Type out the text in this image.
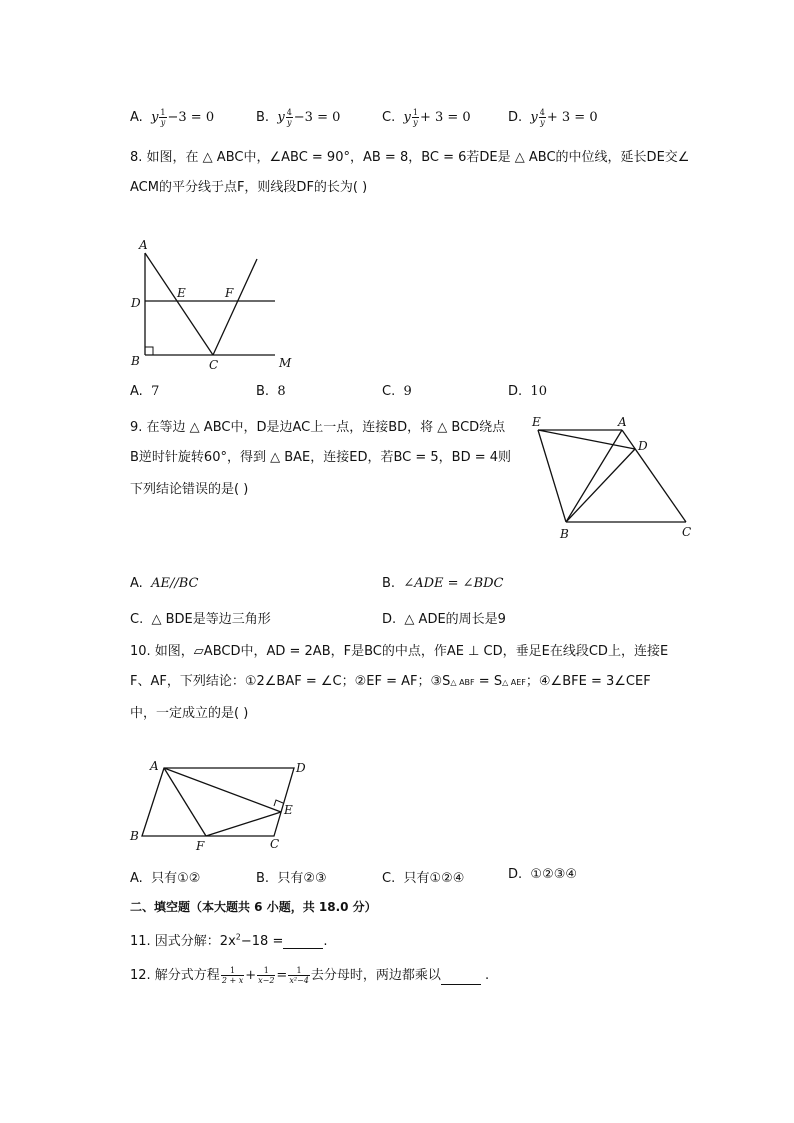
A. y $\frac{1}{y} -3 = 0$	B. y $\frac{4}{y} -3 = 0$	C. y $\frac{1}{y} + 3 = 0$	D. y $\frac{4}{y} + 3 = 0$
8. 如图，在 △ ABC中，∠ABC = 90°，AB = 8，BC = 6若DE是 △ ABC的中位线，延长DE交∠
ACM的平分线于点F，则线段DF的长为( )
A
D
B
E	F
C	M
A. 7	B. 8	C. 9	D. 10
9. 在等边 △ ABC中，D是边AC上一点，连接BD，将 △ BCD绕点
B逆时针旋转60°，得到 △ BAE，连接ED，若BC = 5，BD = 4则
下列结论错误的是( )
E	A
D
B	C
A. AE//BC	B. ∠ADE = ∠BDC
C. △ BDE是等边三角形	D. △ ADE的周长是9
10. 如图，▱ABCD中，AD = 2AB，F是BC的中点，作AE ⊥ CD，垂足E在线段CD上，连接E
F、AF，下列结论：①2∠BAF = ∠C；②EF = AF；③S△ ABF = S△ AEF；④∠BFE = 3∠CEF
中，一定成立的是( )
A	D
E
B
C
F
A. 只有①②	B. 只有②③	C. 只有①②④	D. ①②③④
二、填空题（本大题共 6 小题，共 18.0 分）
11. 因式分解：$2x^2-18$ =	.
12. 解分式方程 $\frac{1}{2 + x} + \frac{1}{x-2} = \frac{1}{\text{x²−4}}$ 去分母时，两边都乘以	.
